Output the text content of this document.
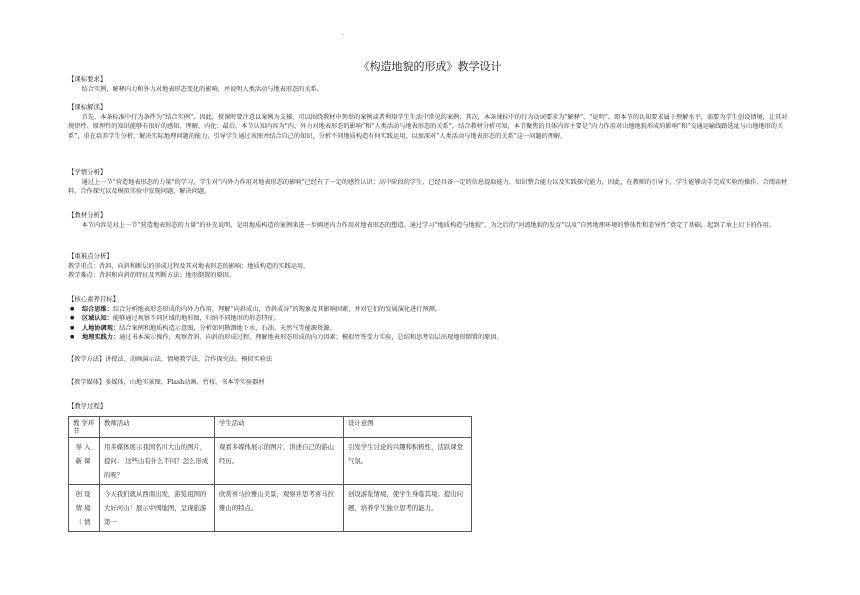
·
《构造地貌的形成》教学设计

【课标要求】

结合实例，解释内力和外力对地表形态变化的影响，并说明人类活动与地表形态的关系。

【课标解读】

首先，本条标准中行为条件为“结合实例”，因此，授课时要注意以案例为支撑，可以围绕教材中列举的案例或者利用学生生活中常见的案例；其次，本条课标中的行为动词要求为“解释”、“说明”，即本节的认知要求属于理解水平，需要为学生创设情境，让其对规律性、原理性的知识能够有很好的感知、理解、内化；最后，本节认知内容为“内、外力对地表形态的影响”和“人类活动与地表形态的关系”，结合教材分析可知，本节聚焦的具体内容主要是“内力作用对山地地貌形成的影响”和“交通运输线路选址与山地地形的关系”，重在培养学生分析、解决实际地理问题的能力，引导学生通过该图并结合自己的知识，分析不同地质构造有何实践运用，以加深对“人类活动与地表形态的关系”这一问题的理解。

【学情分析】

通过上一节“营造地表形态的力量”的学习，学生对“内外力作用对地表形态的影响”已经有了一定的感性认识；高中阶段的学生，已经具备一定的信息提取能力、知识整合能力以及实践探究能力，因此，在教师的引导下，学生能够动手完成实验的操作、合阅读材料、合作探究以及模拟实验中发现问题、解决问题。

【教材分析】

本节内容是对上一节“营造地表形态的力量”的补充说明，是用地质构造的案例来进一步阐述内力作用对地表形态的塑造。通过学习“地质构造与地貌”，为之后的“河流地貌的发育”以及“自然地理环境的整体性和差异性”奠定了基础，起到了承上启下的作用。

【重难点分析】

教学重点：背斜、向斜和断层的形成过程及其对地表形态的影响；地质构造的实践运用。

教学难点：背斜和向斜的特征及判断方法；地形倒置的原因。

【核心素养目标】

● 综合思维：综合分析地表形态形成的内外力作用，理解“向斜成山、背斜成谷”的现象及其影响因素，并对它们的发展演化进行预测。
● 区域认知：能够通过观察不同区域的地形图，归纳不同地形的形态特征。
● 人地协调观：结合案例和地质构造示意图，分析如何勘测地下水、石油、天然气等能源资源。
● 地理实践力：通过书本演示操作，观察背斜、向斜的形成过程，理解地表形态形成的内力因素；模拟竹签受力实验，总结和思考岩层出现地形倒置的原因。

【教学方法】讲授法、动画演示法、情境教学法、合作探究法、模拟实验法

【教学媒体】多媒体、山地实景图、Flash动画、竹枝、书本等实验器材

【教学过程】

教 学环节	教师活动	学生活动	设计意图
导入新课	用多媒体展示我国名川大山的图片，提问： 这些山有什么不同？怎么形成的呢？	观看多媒体展示的图片，讲述自己的游山经历。	引发学生讨论的兴趣和积极性，活跃课堂气氛。
创设情境（情	今天我们就从西南出发，游览祖国的大好河山！展示中国地图，呈现旅游第一	欣赏喜马拉雅山美景，观察并思考喜马拉雅山的特点。	创设游览情境，使学生身临其境；提出问题，培养学生独立思考的能力。
